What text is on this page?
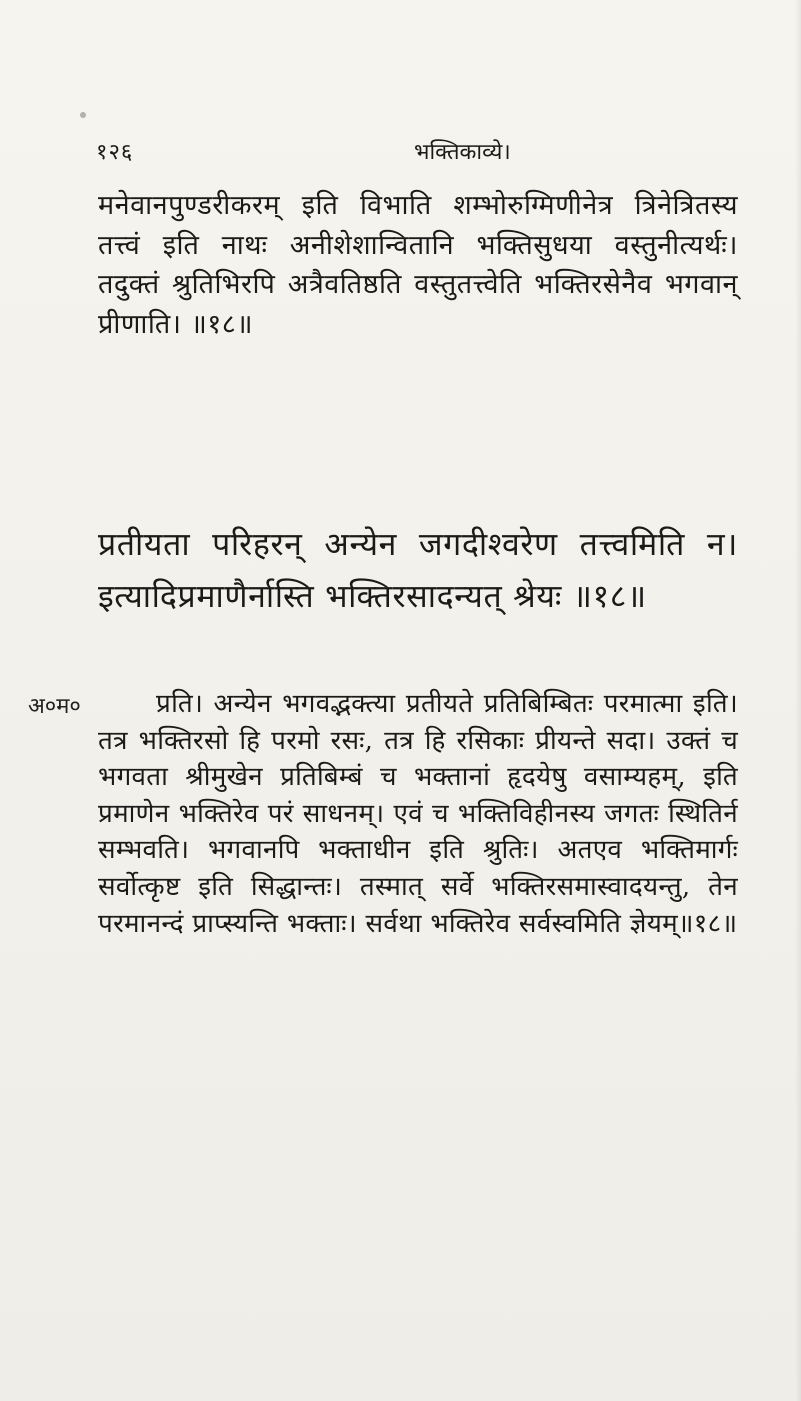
१२६	भक्तिकाव्ये।
मनेवानपुण्डरीकरम् इति विभाति शम्भोरुग्मिणीनेत्र त्रिनेत्रितस्य तत्त्वं इति नाथः अनीशेशान्वितानि भक्तिसुधया वस्तुनीत्यर्थः। तदुक्तं श्रुतिभिरपि अत्रैवतिष्ठति वस्तुतत्त्वेति भक्तिरसेनैव भगवान् प्रीणाति। ॥१८॥
प्रतीयता परिहरन् अन्येन जगदीश्वरेण तत्त्वमिति न। इत्यादिप्रमाणैर्नास्ति भक्तिरसादन्यत् श्रेयः ॥१८॥
अ०म०	प्रति। अन्येन भगवद्भक्त्या प्रतीयते प्रतिबिम्बितः परमात्मा इति। तत्र भक्तिरसो हि परमो रसः, तत्र हि रसिकाः प्रीयन्ते सदा। उक्तं च भगवता श्रीमुखेन प्रतिबिम्बं च भक्तानां हृदयेषु वसाम्यहम्, इति प्रमाणेन भक्तिरेव परं साधनम्। एवं च भक्तिविहीनस्य जगतः स्थितिर्न सम्भवति। भगवानपि भक्ताधीन इति श्रुतिः। अतएव भक्तिमार्गः सर्वोत्कृष्ट इति सिद्धान्तः। तस्मात् सर्वे भक्तिरसमास्वादयन्तु, तेन परमानन्दं प्राप्स्यन्ति भक्ताः। सर्वथा भक्तिरेव सर्वस्वमिति ज्ञेयम्॥१८॥
